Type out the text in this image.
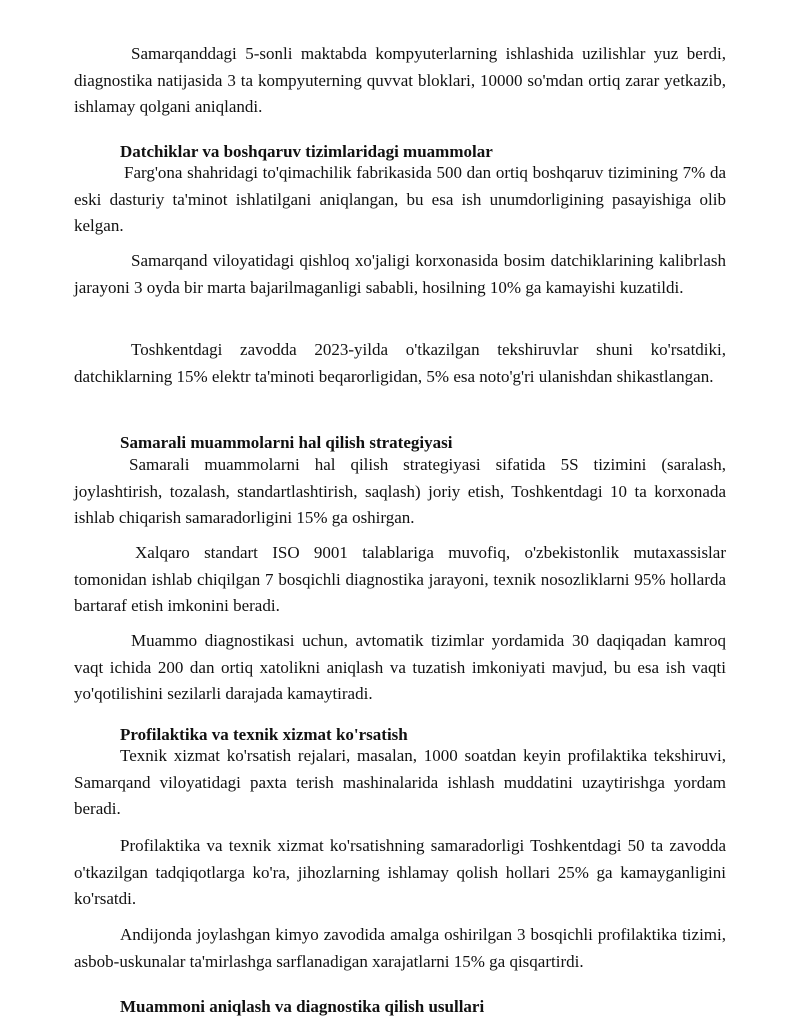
Samarqanddagi 5-sonli maktabda kompyuterlarning ishlashida uzilishlar yuz berdi, diagnostika natijasida 3 ta kompyuterning quvvat bloklari, 10000 so'mdan ortiq zarar yetkazib, ishlamay qolgani aniqlandi.

Datchiklar va boshqaruv tizimlaridagi muammolar

Farg'ona shahridagi to'qimachilik fabrikasida 500 dan ortiq boshqaruv tizimining 7% da eski dasturiy ta'minot ishlatilgani aniqlangan, bu esa ish unumdorligining pasayishiga olib kelgan.

Samarqand viloyatidagi qishloq xo'jaligi korxonasida bosim datchiklarining kalibrlash jarayoni 3 oyda bir marta bajarilmaganligi sababli, hosilning 10% ga kamayishi kuzatildi.

Toshkentdagi zavodda 2023-yilda o'tkazilgan tekshiruvlar shuni ko'rsatdiki, datchiklarning 15% elektr ta'minoti beqarorligidan, 5% esa noto'g'ri ulanishdan shikastlangan.

Samarali muammolarni hal qilish strategiyasi

Samarali muammolarni hal qilish strategiyasi sifatida 5S tizimini (saralash, joylashtirish, tozalash, standartlashtirish, saqlash) joriy etish, Toshkentdagi 10 ta korxonada ishlab chiqarish samaradorligini 15% ga oshirgan.

Xalqaro standart ISO 9001 talablariga muvofiq, o'zbekistonlik mutaxassislar tomonidan ishlab chiqilgan 7 bosqichli diagnostika jarayoni, texnik nosozliklarni 95% hollarda bartaraf etish imkonini beradi.

Muammo diagnostikasi uchun, avtomatik tizimlar yordamida 30 daqiqadan kamroq vaqt ichida 200 dan ortiq xatolikni aniqlash va tuzatish imkoniyati mavjud, bu esa ish vaqti yo'qotilishini sezilarli darajada kamaytiradi.

Profilaktika va texnik xizmat ko'rsatish

Texnik xizmat ko'rsatish rejalari, masalan, 1000 soatdan keyin profilaktika tekshiruvi, Samarqand viloyatidagi paxta terish mashinalarida ishlash muddatini uzaytirishga yordam beradi.

Profilaktika va texnik xizmat ko'rsatishning samaradorligi Toshkentdagi 50 ta zavodda o'tkazilgan tadqiqotlarga ko'ra, jihozlarning ishlamay qolish hollari 25% ga kamayganligini ko'rsatdi.

Andijonda joylashgan kimyo zavodida amalga oshirilgan 3 bosqichli profilaktika tizimi, asbob-uskunalar ta'mirlashga sarflanadigan xarajatlarni 15% ga qisqartirdi.

Muammoni aniqlash va diagnostika qilish usullari
